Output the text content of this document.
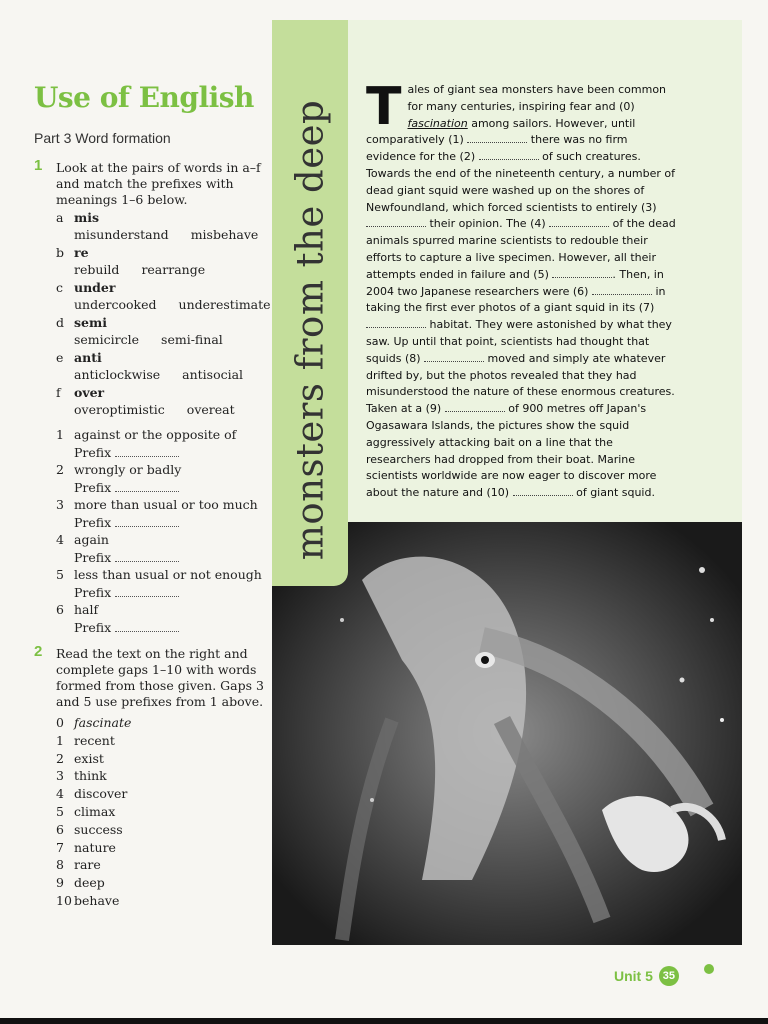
Use of English
Part 3 Word formation
1 Look at the pairs of words in a–f and match the prefixes with meanings 1–6 below.
a mis
misunderstand misbehave
b re
rebuild rearrange
c under
undercooked underestimate
d semi
semicircle semi-final
e anti
anticlockwise antisocial
f over
overoptimistic overeat
1 against or the opposite of
Prefix
2 wrongly or badly
Prefix
3 more than usual or too much
Prefix
4 again
Prefix
5 less than usual or not enough
Prefix
6 half
Prefix
2 Read the text on the right and complete gaps 1–10 with words formed from those given. Gaps 3 and 5 use prefixes from 1 above.
0 fascinate
1 recent
2 exist
3 think
4 discover
5 climax
6 success
7 nature
8 rare
9 deep
10 behave
monsters from the deep Tales of giant sea monsters have been common for many centuries, inspiring fear and (0) fascination among sailors. However, until comparatively (1)	there was no firm evidence for the (2)	of such creatures. Towards the end of the nineteenth century, a number of dead giant squid were washed up on the shores of Newfoundland, which forced scientists to entirely (3)  their opinion. The (4)	of the dead animals spurred marine scientists to redouble their efforts to capture a live specimen. However, all their attempts ended in failure and (5)	. Then, in 2004 two Japanese researchers were (6)	in taking the first ever photos of a giant squid in its (7)  habitat. They were astonished by what they saw. Up until that point, scientists had thought that squids (8)	moved and simply ate whatever drifted by, but the photos revealed that they had misunderstood the nature of these enormous creatures. Taken at a (9)	of 900 metres off Japan's Ogasawara Islands, the pictures show the squid aggressively attacking bait on a line that the researchers had dropped from their boat. Marine scientists worldwide are now eager to discover more about the nature and (10)	of giant squid.
Unit 5 35
